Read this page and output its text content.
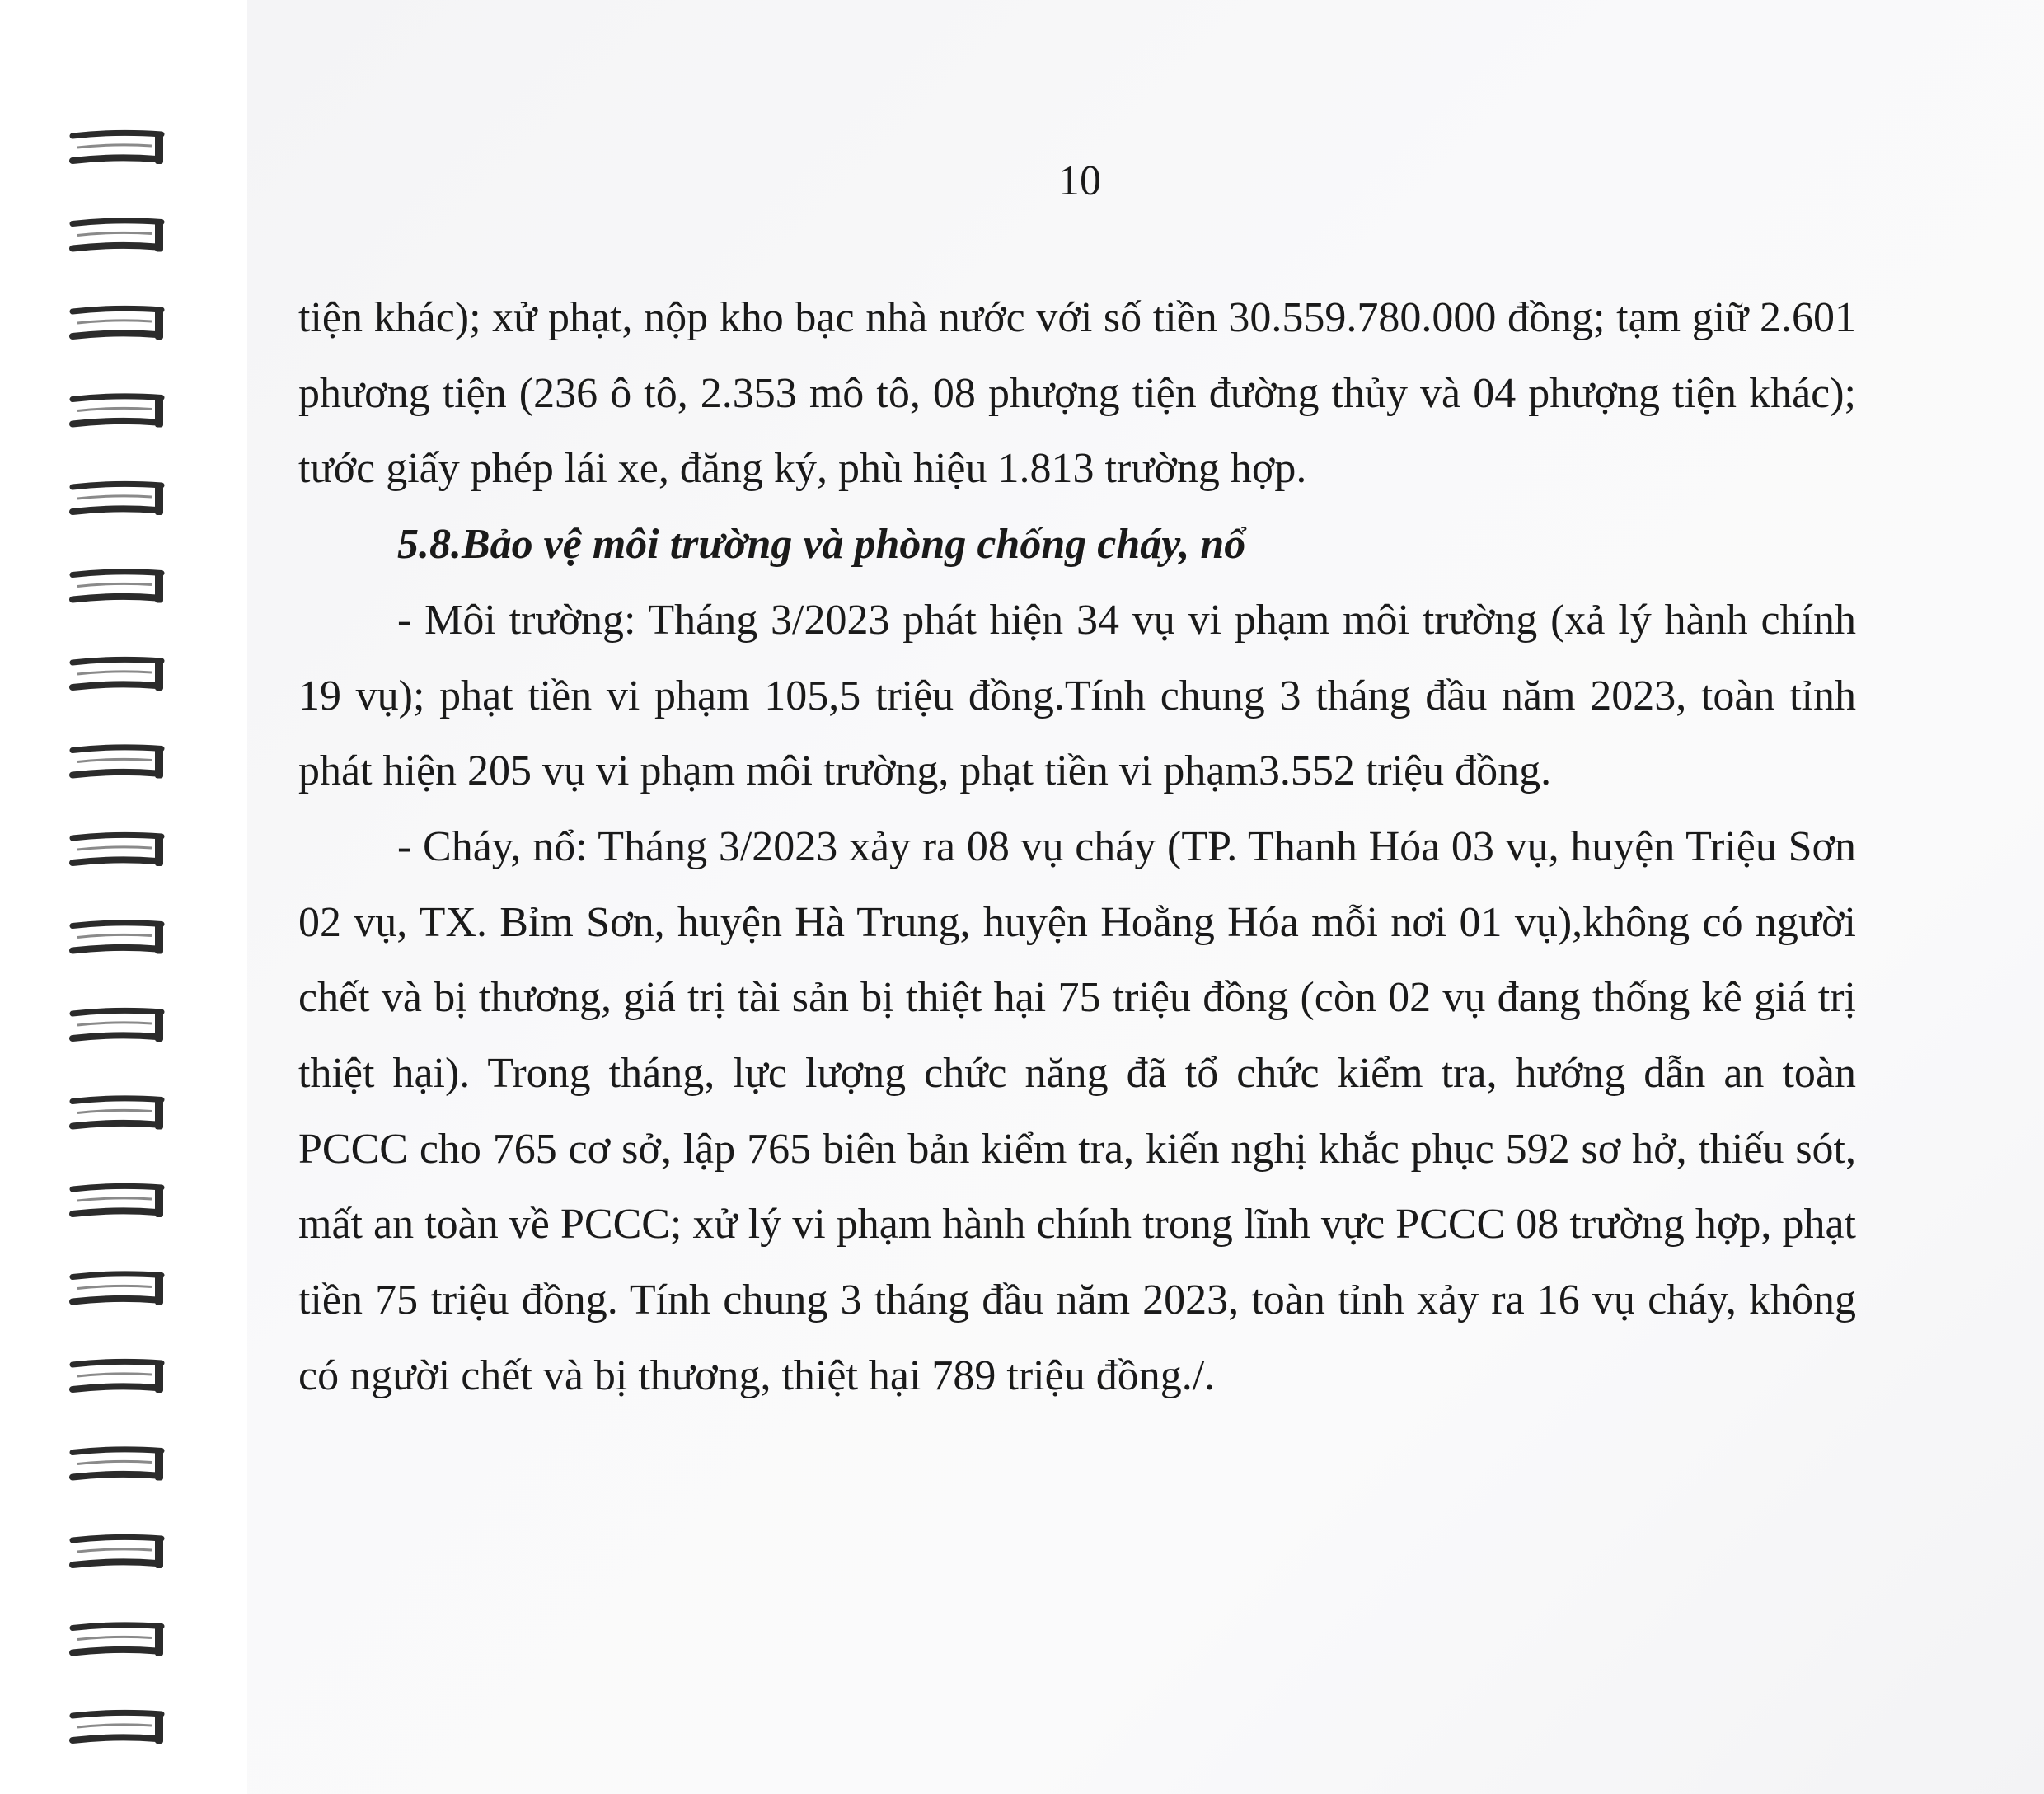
10

tiện khác); xử phạt, nộp kho bạc nhà nước với số tiền 30.559.780.000 đồng; tạm giữ 2.601 phương tiện (236 ô tô, 2.353 mô tô, 08 phượng tiện đường thủy và 04 phượng tiện khác); tước giấy phép lái xe, đăng ký, phù hiệu 1.813 trường hợp.

5.8.Bảo vệ môi trường và phòng chống cháy, nổ

- Môi trường: Tháng 3/2023 phát hiện 34 vụ vi phạm môi trường (xả lý hành chính 19 vụ); phạt tiền vi phạm 105,5 triệu đồng.Tính chung 3 tháng đầu năm 2023, toàn tỉnh phát hiện 205 vụ vi phạm môi trường, phạt tiền vi phạm3.552 triệu đồng.

- Cháy, nổ: Tháng 3/2023 xảy ra 08 vụ cháy (TP. Thanh Hóa 03 vụ, huyện Triệu Sơn 02 vụ, TX. Bỉm Sơn, huyện Hà Trung, huyện Hoằng Hóa mỗi nơi 01 vụ),không có người chết và bị thương, giá trị tài sản bị thiệt hại 75 triệu đồng (còn 02 vụ đang thống kê giá trị thiệt hại). Trong tháng, lực lượng chức năng đã tổ chức kiểm tra, hướng dẫn an toàn PCCC cho 765 cơ sở, lập 765 biên bản kiểm tra, kiến nghị khắc phục 592 sơ hở, thiếu sót, mất an toàn về PCCC; xử lý vi phạm hành chính trong lĩnh vực PCCC 08 trường hợp, phạt tiền 75 triệu đồng. Tính chung 3 tháng đầu năm 2023, toàn tỉnh xảy ra 16 vụ cháy, không có người chết và bị thương, thiệt hại 789 triệu đồng./.
